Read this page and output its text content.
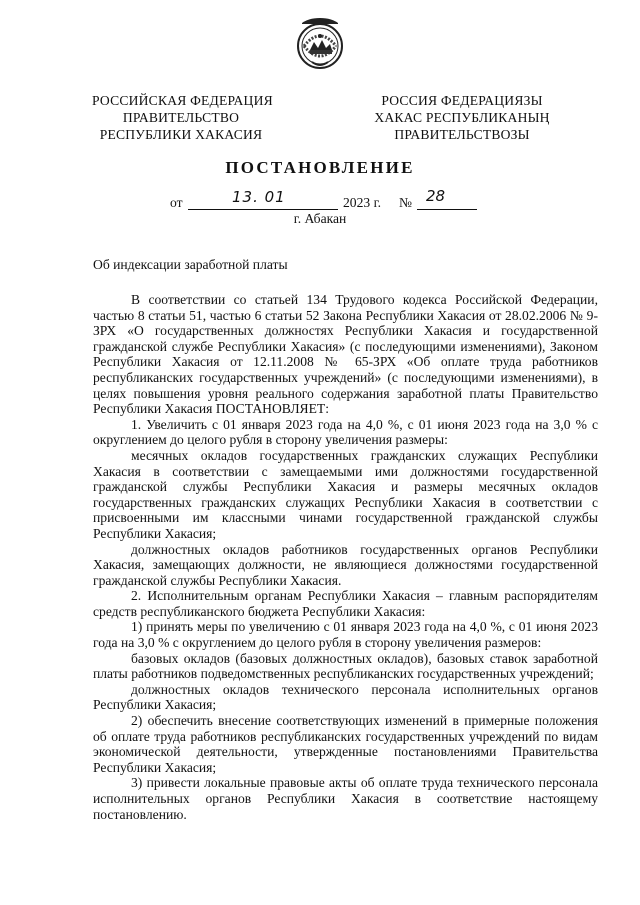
РОССИЙСКАЯ ФЕДЕРАЦИЯ
ПРАВИТЕЛЬСТВО
РЕСПУБЛИКИ ХАКАСИЯ
РОССИЯ ФЕДЕРАЦИЯЗЫ
ХАКАС РЕСПУБЛИКАНЫҢ
ПРАВИТЕЛЬСТВОЗЫ
ПОСТАНОВЛЕНИЕ
от	13. 01	2023 г. № 28
г. Абакан
Об индексации заработной платы

В соответствии со статьей 134 Трудового кодекса Российской Федерации, частью 8 статьи 51, частью 6 статьи 52 Закона Республики Хакасия от 28.02.2006 № 9-ЗРХ «О государственных должностях Республики Хакасия и государственной гражданской службе Республики Хакасия» (с последующими изменениями), Законом Республики Хакасия от 12.11.2008 № 65-ЗРХ «Об оплате труда работников республиканских государственных учреждений» (с последующими изменениями), в целях повышения уровня реального содержания заработной платы Правительство Республики Хакасия ПОСТАНОВЛЯЕТ:

1. Увеличить с 01 января 2023 года на 4,0 %, с 01 июня 2023 года на 3,0 % с округлением до целого рубля в сторону увеличения размеры:

месячных окладов государственных гражданских служащих Республики Хакасия в соответствии с замещаемыми ими должностями государственной гражданской службы Республики Хакасия и размеры месячных окладов государственных гражданских служащих Республики Хакасия в соответствии с присвоенными им классными чинами государственной гражданской службы Республики Хакасия;

должностных окладов работников государственных органов Республики Хакасия, замещающих должности, не являющиеся должностями государственной гражданской службы Республики Хакасия.

2. Исполнительным органам Республики Хакасия – главным распорядителям средств республиканского бюджета Республики Хакасия:

1) принять меры по увеличению с 01 января 2023 года на 4,0 %, с 01 июня 2023 года на 3,0 % с округлением до целого рубля в сторону увеличения размеров:

базовых окладов (базовых должностных окладов), базовых ставок заработной платы работников подведомственных республиканских государственных учреждений;

должностных окладов технического персонала исполнительных органов Республики Хакасия;

2) обеспечить внесение соответствующих изменений в примерные положения об оплате труда работников республиканских государственных учреждений по видам экономической деятельности, утвержденные постановлениями Правительства Республики Хакасия;

3) привести локальные правовые акты об оплате труда технического персонала исполнительных органов Республики Хакасия в соответствие настоящему постановлению.
